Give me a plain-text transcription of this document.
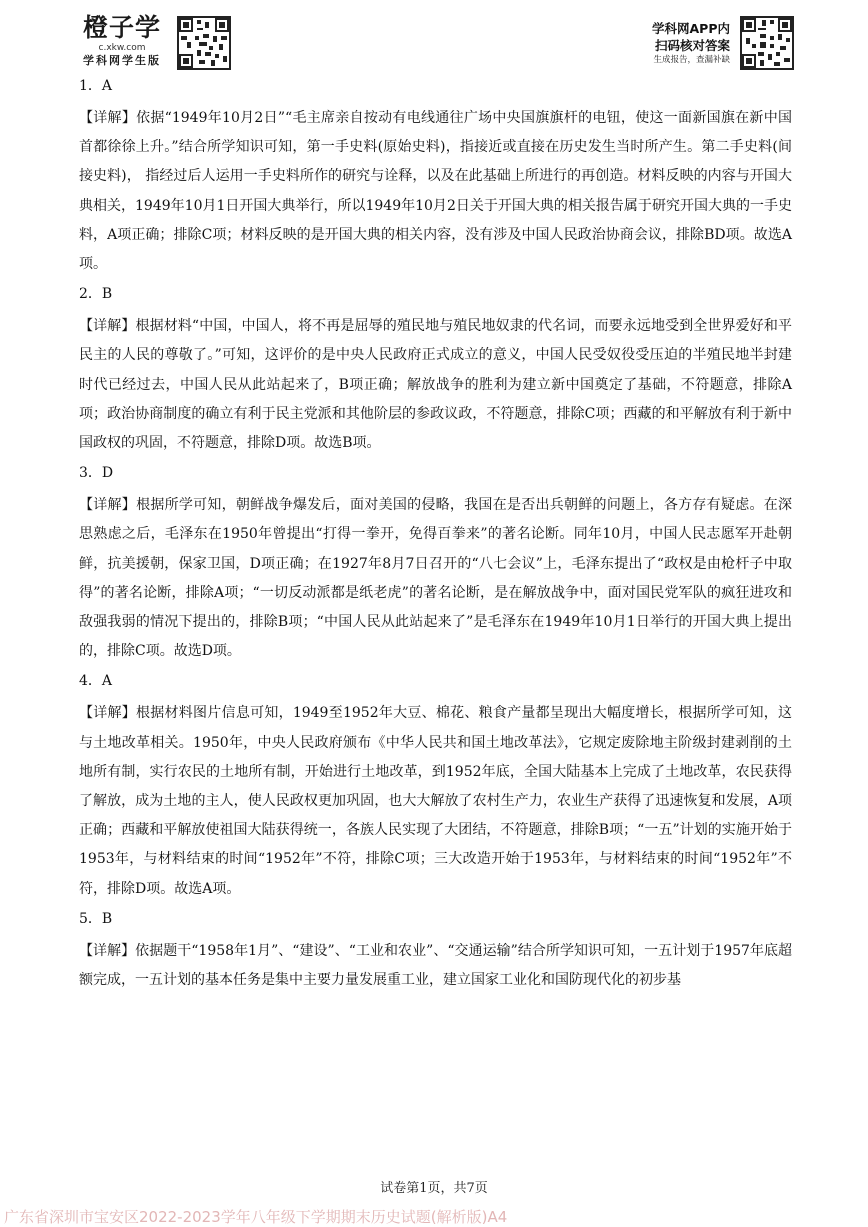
橙子学
c.xkw.com
学科网学生版
学科网APP内
扫码核对答案
生成报告，查漏补缺
1．A
【详解】依据“1949年10月2日”“毛主席亲自按动有电线通往广场中央国旗旗杆的电钮，使这一面新国旗在新中国首都徐徐上升。”结合所学知识可知，第一手史料(原始史料)，指接近或直接在历史发生当时所产生。第二手史料(间接史料)， 指经过后人运用一手史料所作的研究与诠释，以及在此基础上所进行的再创造。材料反映的内容与开国大典相关，1949年10月1日开国大典举行，所以1949年10月2日关于开国大典的相关报告属于研究开国大典的一手史料，A项正确；排除C项；材料反映的是开国大典的相关内容，没有涉及中国人民政治协商会议，排除BD项。故选A项。
2．B
【详解】根据材料“中国，中国人，将不再是屈辱的殖民地与殖民地奴隶的代名词，而要永远地受到全世界爱好和平民主的人民的尊敬了。”可知，这评价的是中央人民政府正式成立的意义，中国人民受奴役受压迫的半殖民地半封建时代已经过去，中国人民从此站起来了，B项正确；解放战争的胜利为建立新中国奠定了基础，不符题意，排除A项；政治协商制度的确立有利于民主党派和其他阶层的参政议政，不符题意，排除C项；西藏的和平解放有利于新中国政权的巩固，不符题意，排除D项。故选B项。
3．D
【详解】根据所学可知，朝鲜战争爆发后，面对美国的侵略，我国在是否出兵朝鲜的问题上，各方存有疑虑。在深思熟虑之后，毛泽东在1950年曾提出“打得一拳开，免得百拳来”的著名论断。同年10月，中国人民志愿军开赴朝鲜，抗美援朝，保家卫国，D项正确；在1927年8月7日召开的“八七会议”上，毛泽东提出了“政权是由枪杆子中取得”的著名论断，排除A项；“一切反动派都是纸老虎”的著名论断，是在解放战争中，面对国民党军队的疯狂进攻和敌强我弱的情况下提出的，排除B项；“中国人民从此站起来了”是毛泽东在1949年10月1日举行的开国大典上提出的，排除C项。故选D项。
4．A
【详解】根据材料图片信息可知，1949至1952年大豆、棉花、粮食产量都呈现出大幅度增长，根据所学可知，这与土地改革相关。1950年，中央人民政府颁布《中华人民共和国土地改革法》，它规定废除地主阶级封建剥削的土地所有制，实行农民的土地所有制，开始进行土地改革，到1952年底，全国大陆基本上完成了土地改革，农民获得了解放，成为土地的主人，使人民政权更加巩固，也大大解放了农村生产力，农业生产获得了迅速恢复和发展，A项正确；西藏和平解放使祖国大陆获得统一，各族人民实现了大团结，不符题意，排除B项；“一五”计划的实施开始于1953年，与材料结束的时间“1952年”不符，排除C项；三大改造开始于1953年，与材料结束的时间“1952年”不符，排除D项。故选A项。
5．B
【详解】依据题干“1958年1月”、“建设”、“工业和农业”、“交通运输”结合所学知识可知，一五计划于1957年底超额完成，一五计划的基本任务是集中主要力量发展重工业，建立国家工业化和国防现代化的初步基
试卷第1页，共7页
广东省深圳市宝安区2022-2023学年八年级下学期期末历史试题(解析版)A4
